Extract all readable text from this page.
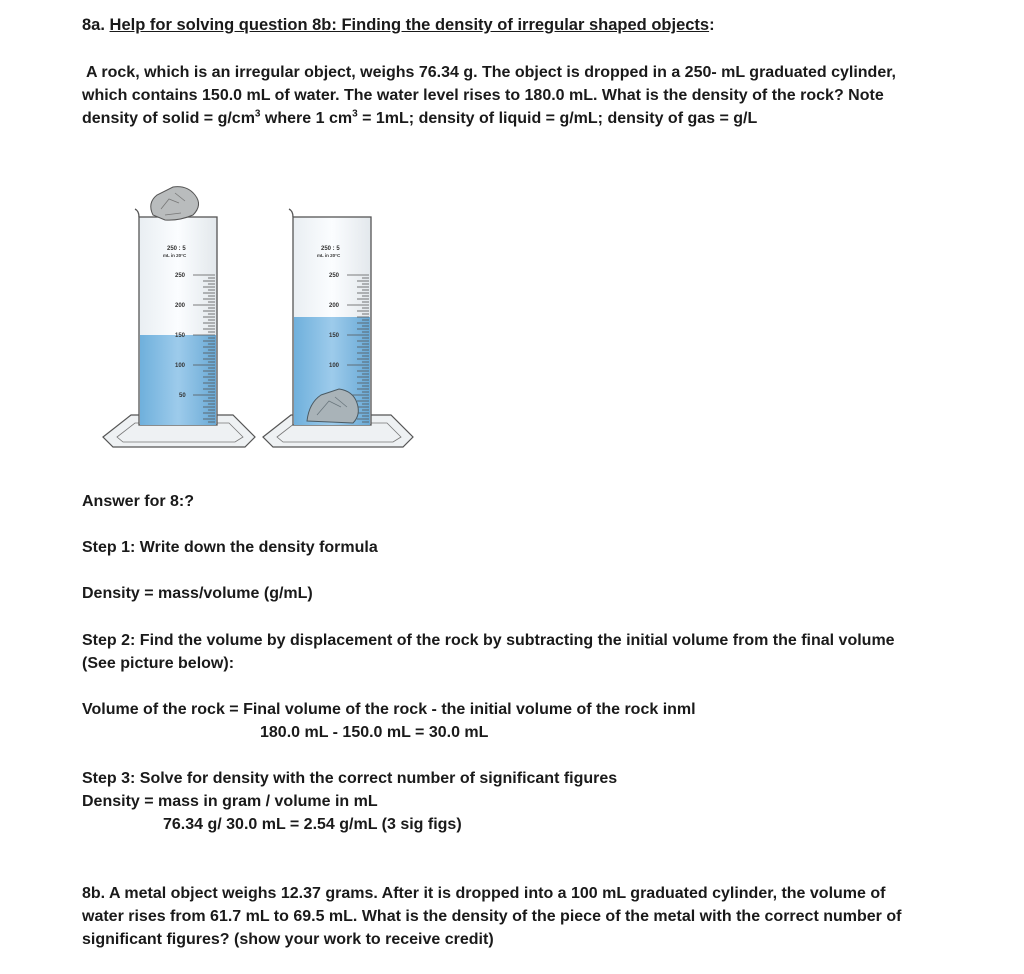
8a. Help for solving question 8b: Finding the density of irregular shaped objects:
A rock, which is an irregular object, weighs 76.34 g. The object is dropped in a 250- mL graduated cylinder,
which contains 150.0 mL of water. The water level rises to 180.0 mL. What is the density of the rock? Note
density of solid = $g/cm^3$ where 1 $cm^3 = 1mL$; density of liquid = g/mL; density of gas = g/L
250 : 5
mL in 20°C
250
200
150
100
50
250 : 5
mL in 20°C
250
200
150
100
Answer for 8:?
Step 1: Write down the density formula
Density = mass/volume (g/mL)
Step 2: Find the volume by displacement of the rock by subtracting the initial volume from the final volume
(See picture below):
Volume of the rock = Final volume of the rock - the initial volume of the rock inml
180.0 mL - 150.0 mL = 30.0 mL
Step 3: Solve for density with the correct number of significant figures
Density = mass in gram / volume in mL
76.34 g/ 30.0 mL = 2.54 g/mL (3 sig figs)
8b. A metal object weighs 12.37 grams. After it is dropped into a 100 mL graduated cylinder, the volume of
water rises from 61.7 mL to 69.5 mL. What is the density of the piece of the metal with the correct number of
significant figures? (show your work to receive credit)
